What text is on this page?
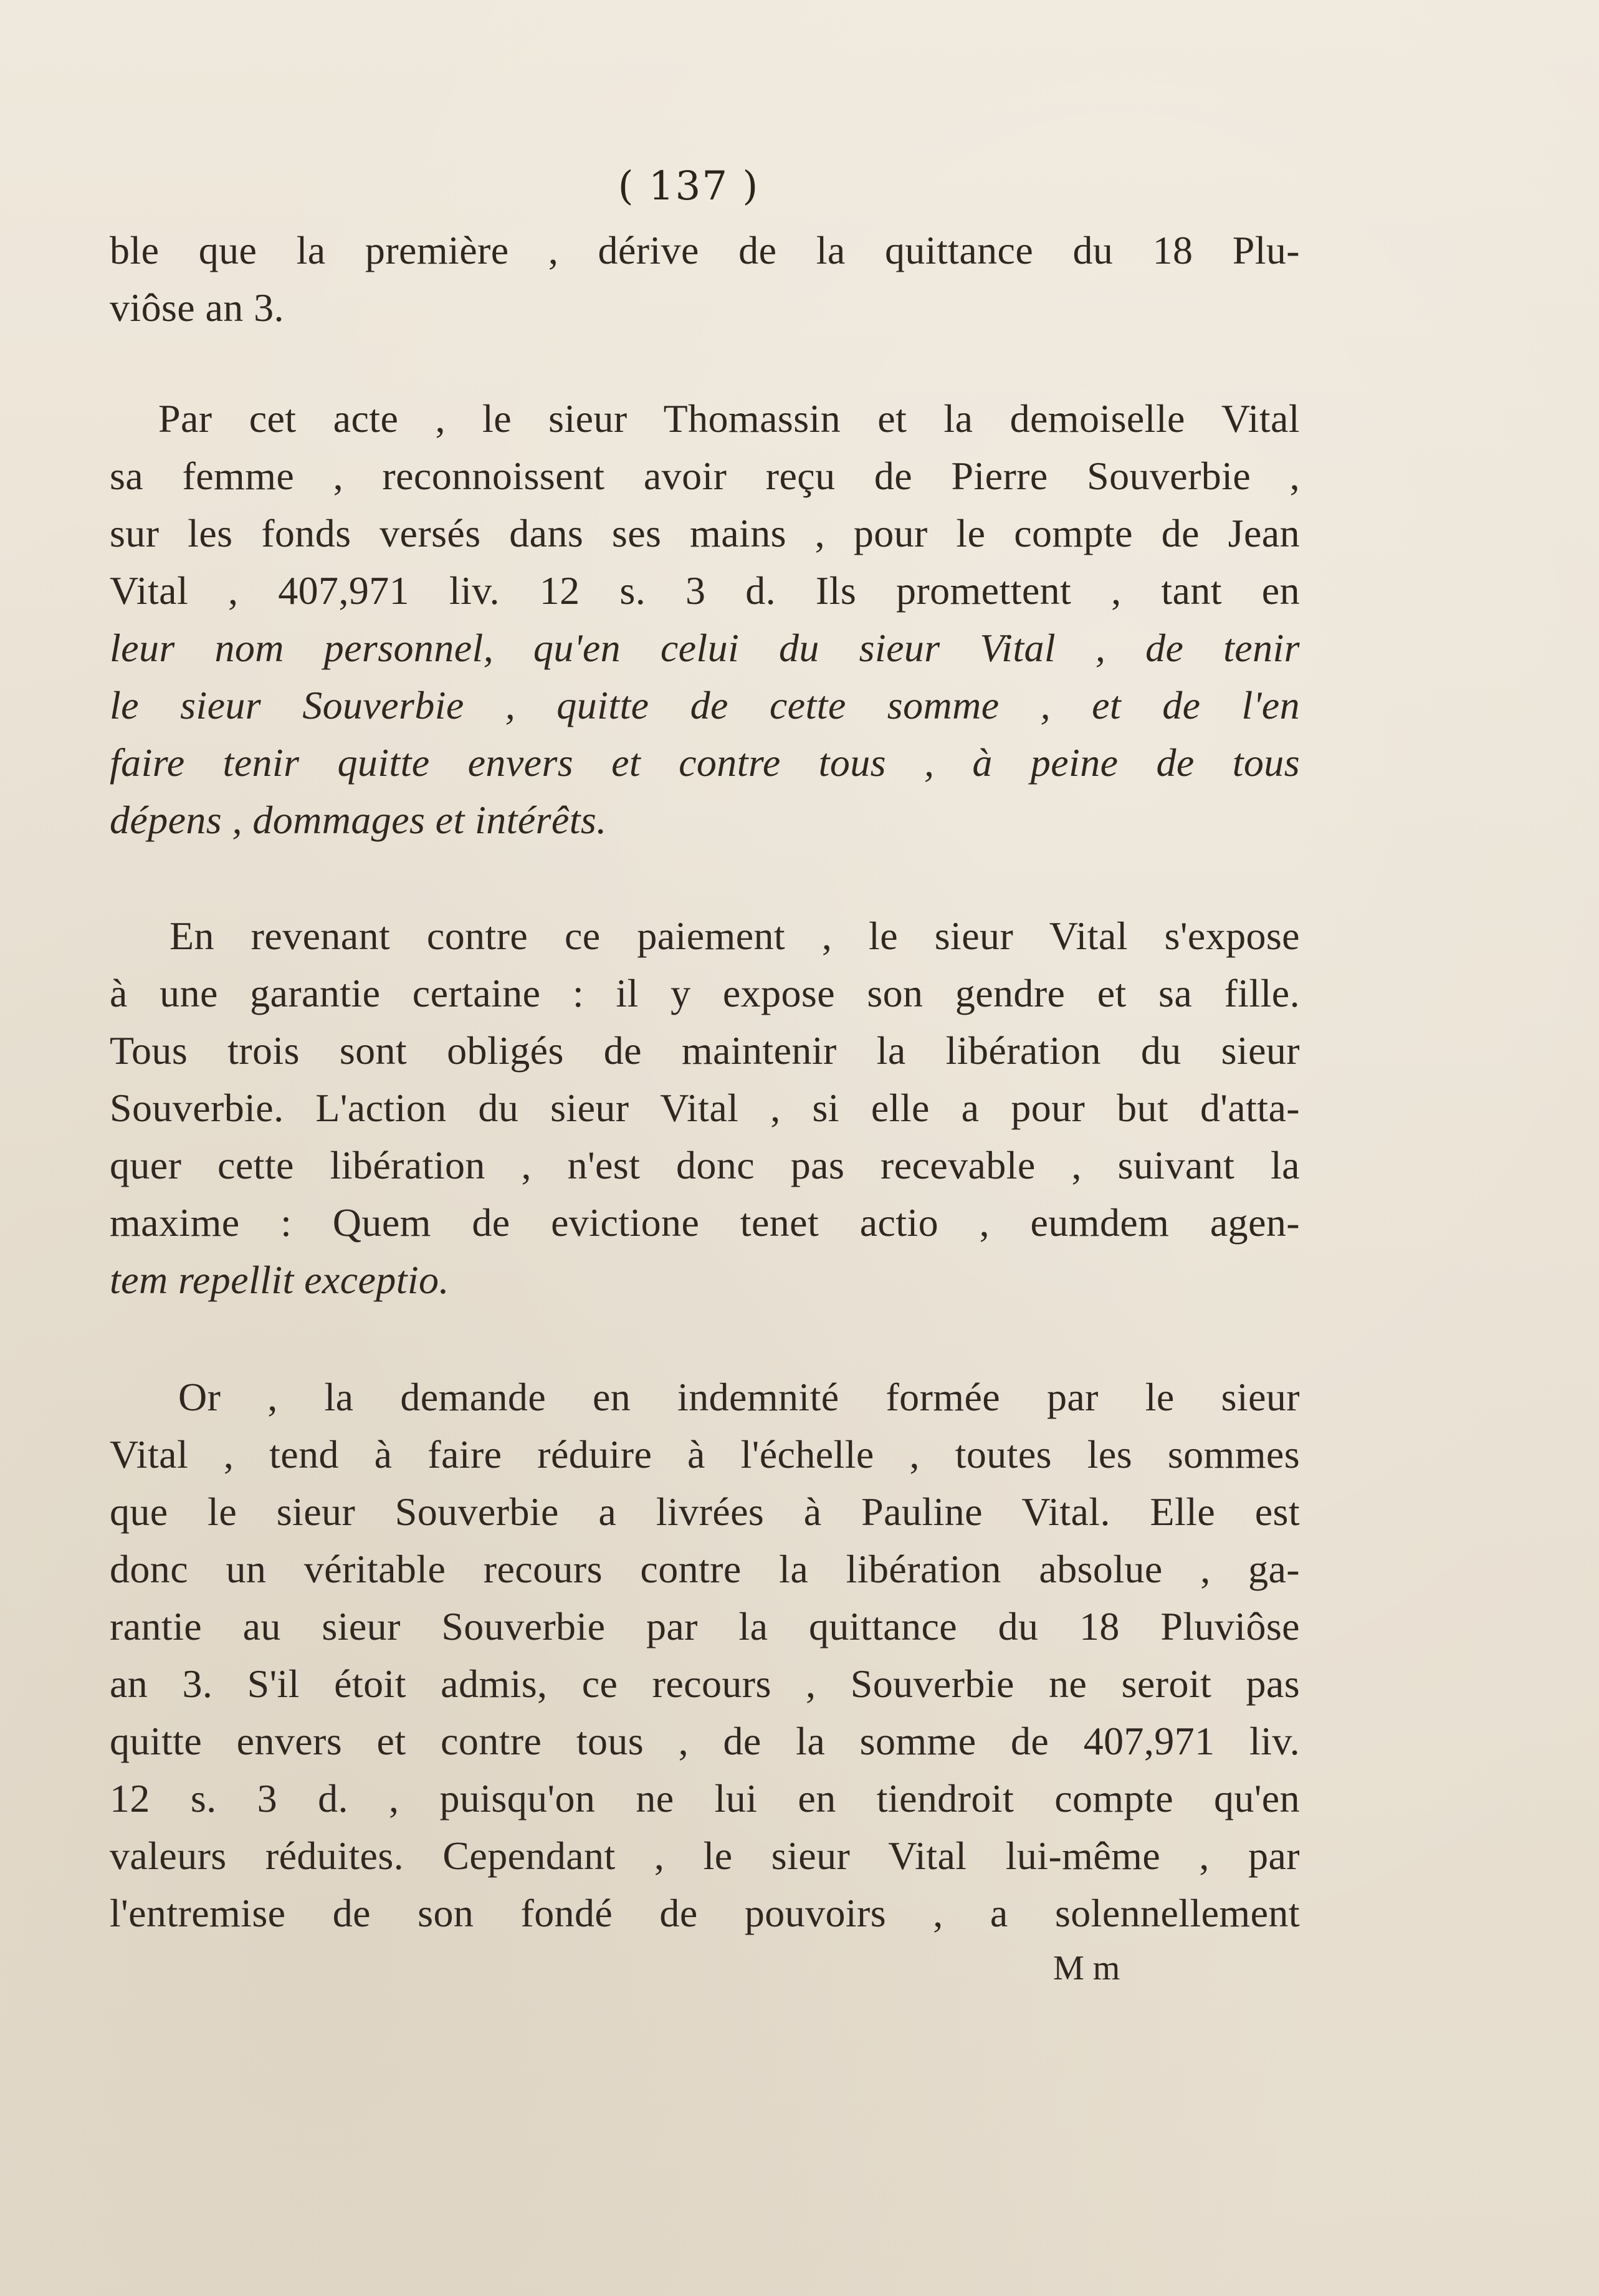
( 137 )
ble que la première , dérive de la quittance du 18 Plu-
viôse an 3.
Par cet acte , le sieur Thomassin et la demoiselle Vital
sa femme , reconnoissent avoir reçu de Pierre Souverbie ,
sur les fonds versés dans ses mains , pour le compte de Jean
Vital , 407,971 liv. 12 s. 3 d. Ils promettent , tant en
leur nom personnel, qu'en celui du sieur Vital , de tenir
le sieur Souverbie , quitte de cette somme , et de l'en
faire tenir quitte envers et contre tous , à peine de tous
dépens , dommages et intérêts.
En revenant contre ce paiement , le sieur Vital s'expose
à une garantie certaine : il y expose son gendre et sa fille.
Tous trois sont obligés de maintenir la libération du sieur
Souverbie. L'action du sieur Vital , si elle a pour but d'atta-
quer cette libération , n'est donc pas recevable , suivant la
maxime : Quem de evictione tenet actio , eumdem agen-
tem repellit exceptio.
Or , la demande en indemnité formée par le sieur
Vital , tend à faire réduire à l'échelle , toutes les sommes
que le sieur Souverbie a livrées à Pauline Vital. Elle est
donc un véritable recours contre la libération absolue , ga-
rantie au sieur Souverbie par la quittance du 18 Pluviôse
an 3. S'il étoit admis, ce recours , Souverbie ne seroit pas
quitte envers et contre tous , de la somme de 407,971 liv.
12 s. 3 d. , puisqu'on ne lui en tiendroit compte qu'en
valeurs réduites. Cependant , le sieur Vital lui-même , par
l'entremise de son fondé de pouvoirs , a solennellement
M m
